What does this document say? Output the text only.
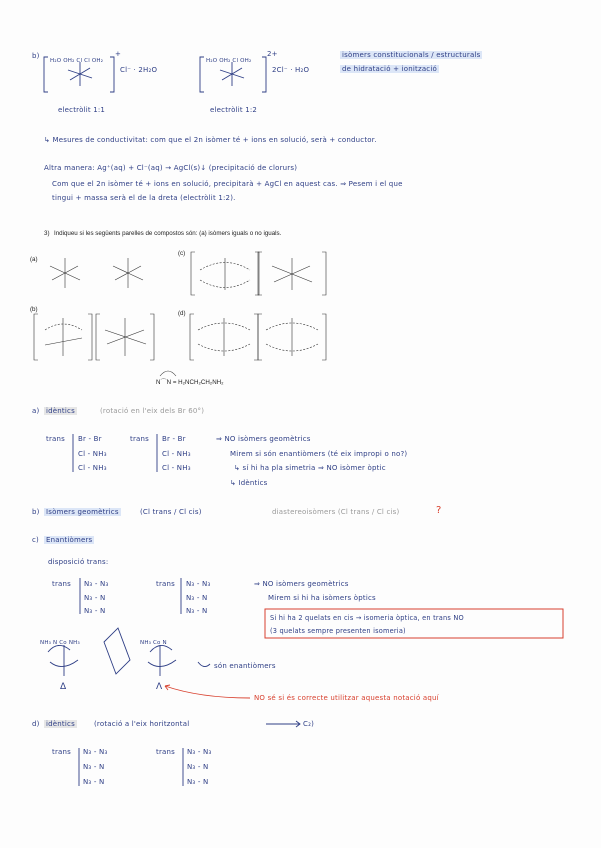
b)
H₂O OH₂ Cl Cl OH₂
+
Cl⁻ · 2H₂O
H₂O OH₂ Cl OH₂
2+
2Cl⁻ · H₂O
isòmers constitucionals / estructurals
de hidratació + ionització
electròlit 1:1	electròlit 1:2
↳ Mesures de conductivitat: com que el 2n isòmer té + ions en solució, serà + conductor.
Altra manera: Ag⁺(aq) + Cl⁻(aq) → AgCl(s)↓ (precipitació de clorurs)
Com que el 2n isòmer té + ions en solució, precipitarà + AgCl en aquest cas. ⇒ Pesem i el que
tingui + massa serà el de la dreta (electròlit 1:2).
3) Indiqueu si les següents parelles de compostos són: (a) isòmers iguals o no iguals.
(a)
(c)
(b)
(d)
N⌒N = H₂NCH₂CH₂NH₂
a) idèntics	(rotació en l'eix dels Br 60°)
trans Br - Br
Cl - NH₃
Cl - NH₃
trans Br - Br
Cl - NH₃
Cl - NH₃
⇒ NO isòmers geomètrics
Mirem si són enantiòmers (té eix impropi o no?)
↳ sí hi ha pla simetria ⇒ NO isòmer òptic
↳ Idèntics
b) Isòmers geomètrics	(Cl trans / Cl cis)	diastereoisòmers (Cl trans / Cl cis)	?
c) Enantiòmers
disposició trans:
trans N₃ - N₃
N₃ - N
N₃ - N
trans N₃ - N₃
N₃ - N
N₃ - N
⇒ NO isòmers geomètrics
Mirem si hi ha isòmers òptics
Si hi ha 2 quelats en cis → isomeria òptica, en trans NO
(3 quelats sempre presenten isomeria)
NH₃ N Co NH₃	NH₃ Co N
són enantiòmers
Δ	Λ
NO sé si és correcte utilitzar aquesta notació aquí
d) idèntics	(rotació a l'eix horitzontal	C₂)
trans N₃ - N₃
N₃ - N
N₃ - N
trans N₃ - N₃
N₃ - N
N₃ - N
